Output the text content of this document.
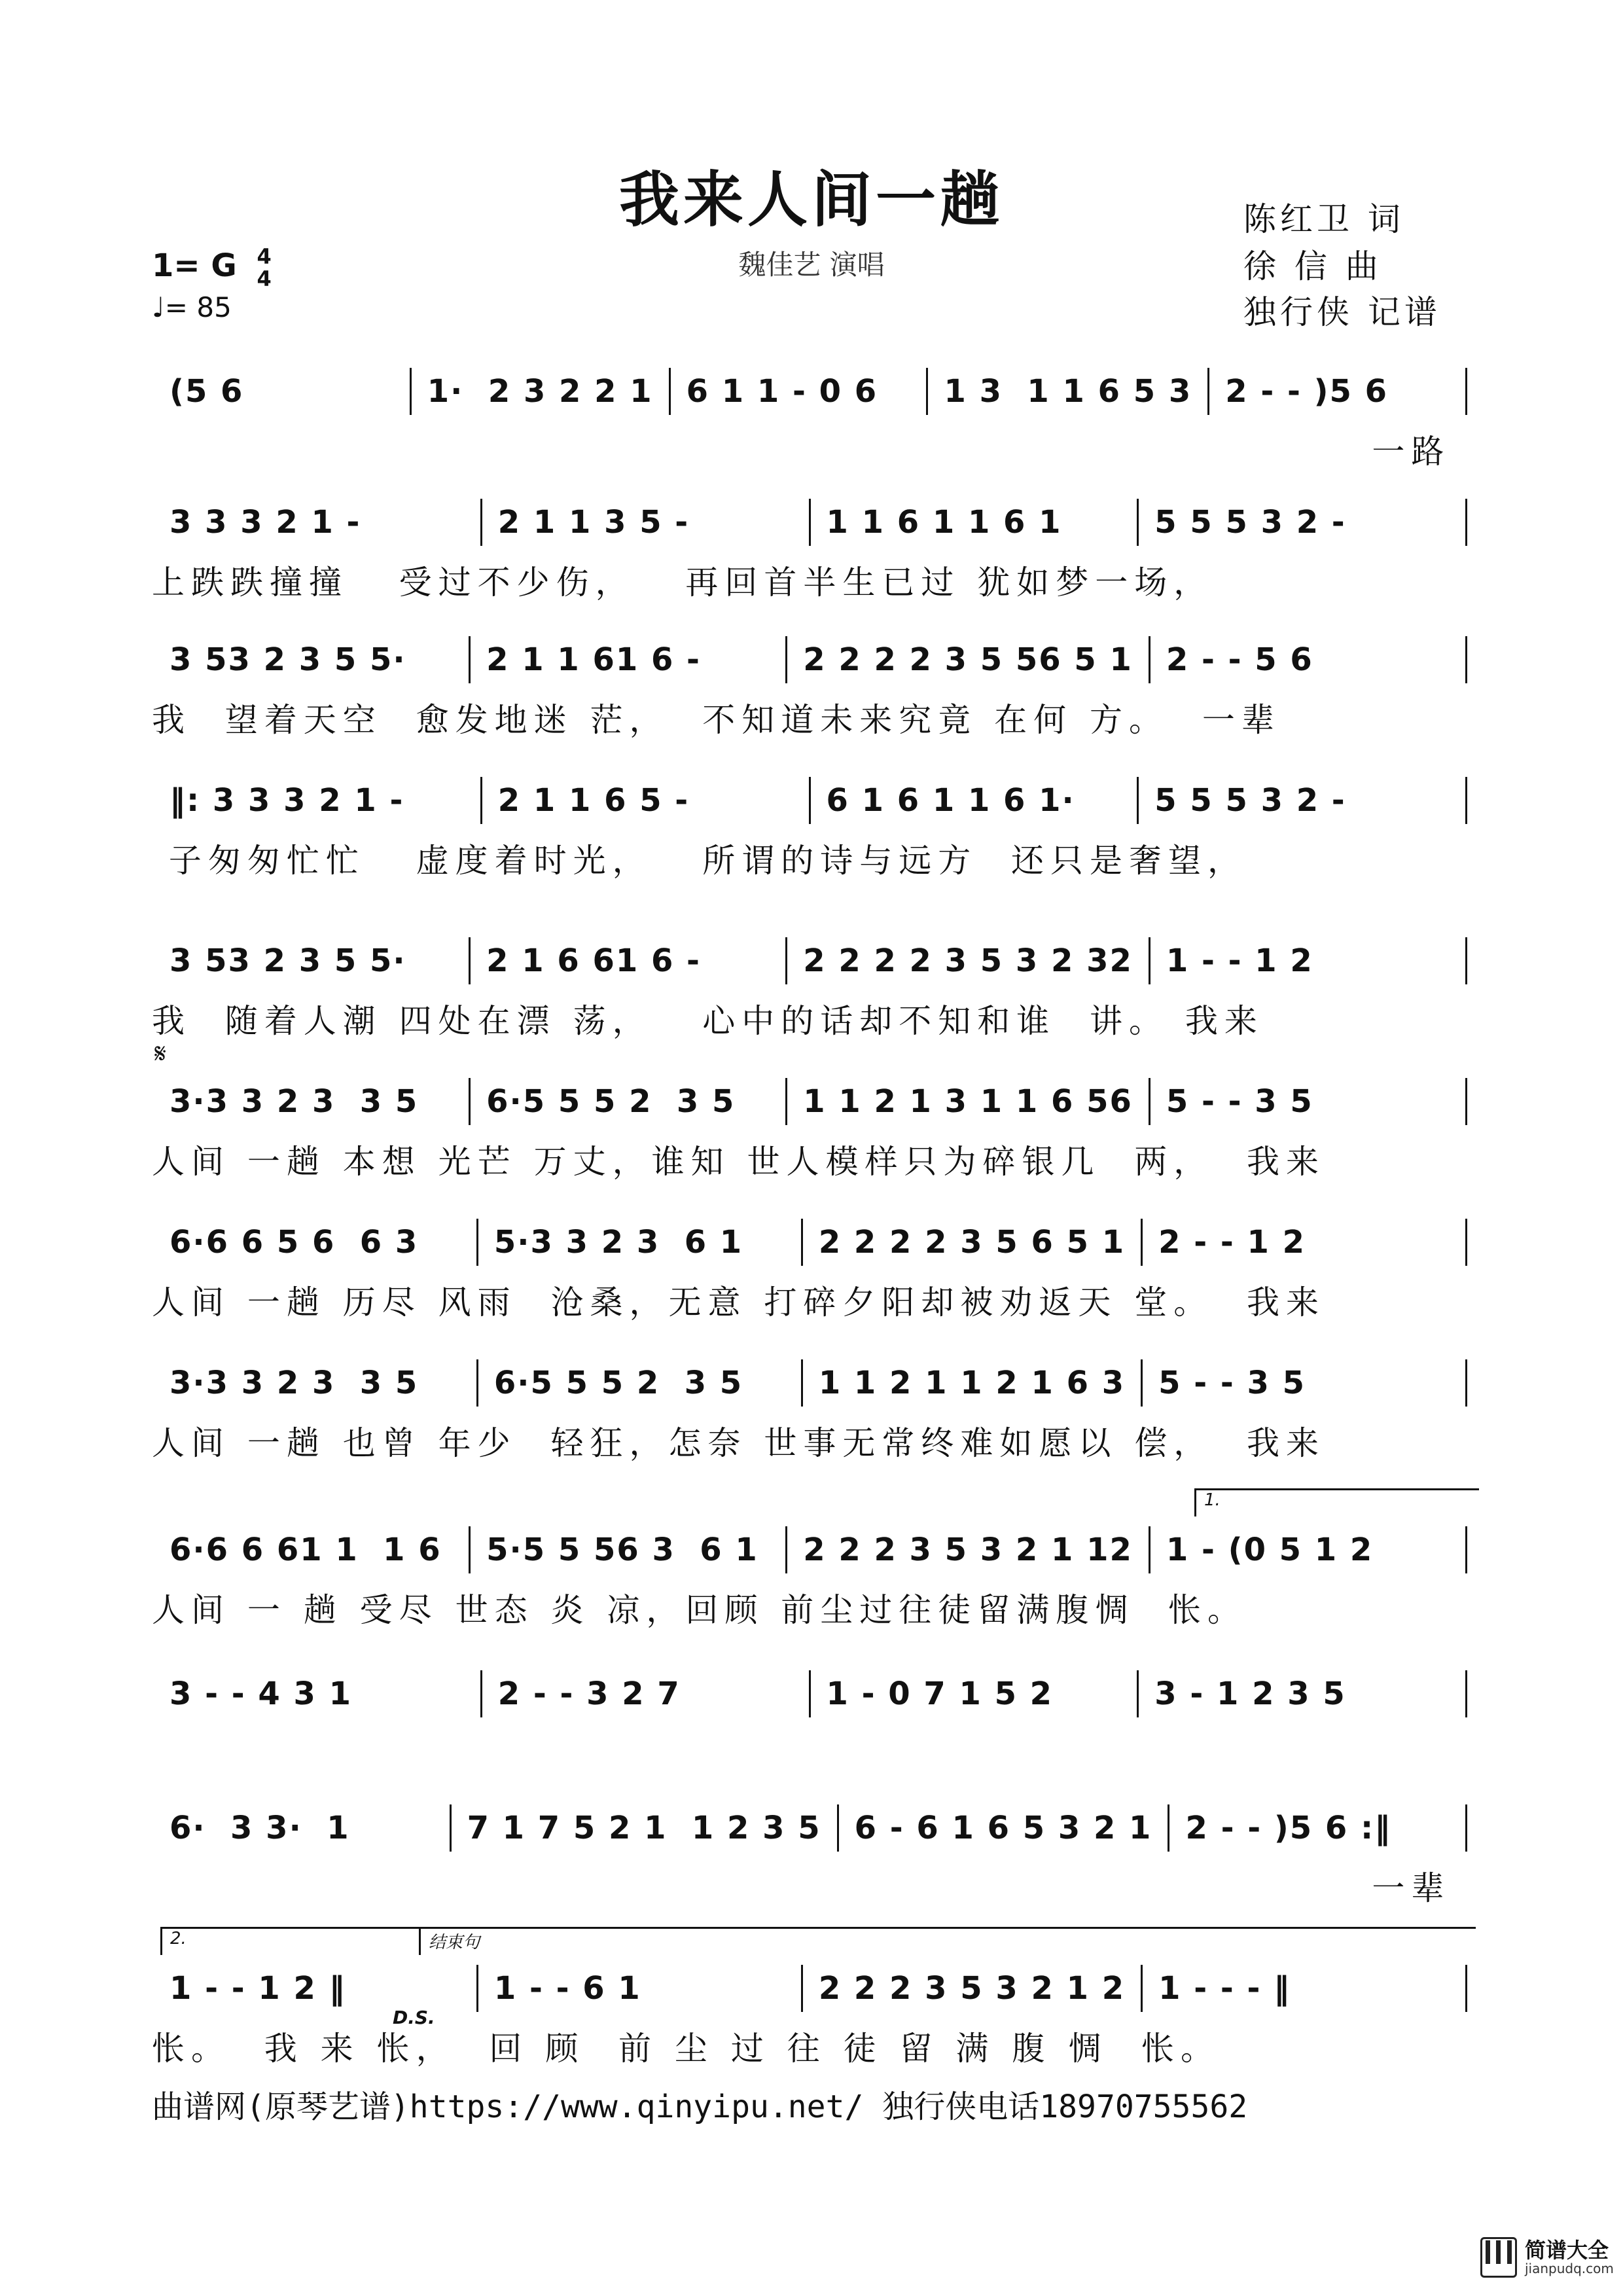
我来人间一趟
魏佳艺 演唱
陈红卫 词
徐 信 曲
独行侠 记谱
1= G 4
4
♩= 85
(5 6	1·  2 3 2 2 1 6 1 1 - 0 6	1 3  1 1 6 5 3 2 - - )5 6
一路
3 3 3 2 1 -	2 1 1 3 5 -	1 1 6 1 1 6 1	5 5 5 3 2 -
上跌跌撞撞   受过不少伤，   再回首半生已过 犹如梦一场，
3 53 2 3 5 5·	2 1 1 61 6 -	2 2 2 2 3 5 56 5 1 2 - - 5 6
我  望着天空  愈发地迷 茫，  不知道未来究竟 在何 方。  一辈
‖: 3 3 3 2 1 -	2 1 1 6 5 -	6 1 6 1 1 6 1·	5 5 5 3 2 -
子匆匆忙忙   虚度着时光，   所谓的诗与远方  还只是奢望，
3 53 2 3 5 5·	2 1 6 61 6 -	2 2 2 2 3 5 3 2 32 1 - - 1 2
我  随着人潮 四处在漂 荡，   心中的话却不知和谁  讲。 我来
𝄋
3·3 3 2 3  3 5	6·5 5 5 2  3 5	1 1 2 1 3 1 1 6 56 5 - - 3 5
人间 一趟 本想 光芒 万丈，谁知 世人模样只为碎银几  两，  我来
6·6 6 5 6  6 3	5·3 3 2 3  6 1	2 2 2 2 3 5 6 5 1 2 - - 1 2
人间 一趟 历尽 风雨  沧桑，无意 打碎夕阳却被劝返天 堂。  我来
3·3 3 2 3  3 5	6·5 5 5 2  3 5	1 1 2 1 1 2 1 6 3 5 - - 3 5
人间 一趟 也曾 年少  轻狂，怎奈 世事无常终难如愿以 偿，  我来
1.
6·6 6 61 1  1 6	5·5 5 56 3  6 1	2 2 2 3 5 3 2 1 12 1 - (0 5 1 2
人间 一 趟 受尽 世态 炎 凉，回顾 前尘过往徒留满腹惆  怅。
3 - - 4 3 1	2 - - 3 2 7	1 - 0 7 1 5 2	3 - 1 2 3 5
6·  3 3·  1	7 1 7 5 2 1  1 2 3 5 6 - 6 1 6 5 3 2 1 2 - - )5 6 :‖
一辈
2.	结束句
1 - - 1 2 ‖	1 - - 6 1	2 2 2 3 5 3 2 1 2 1 - - - ‖
怅。  我 来 怅，  回 顾  前 尘 过 往 徒 留 满 腹 惆  怅。
D.S.
曲谱网(原琴艺谱)https://www.qinyipu.net/ 独行侠电话18970755562
简谱大全
jianpudq.com
